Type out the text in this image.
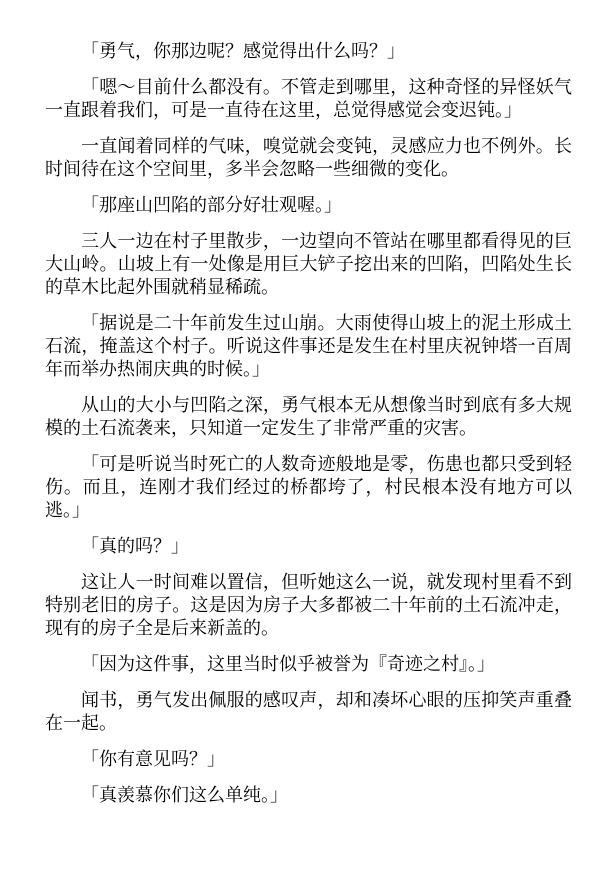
「勇气，你那边呢？感觉得出什么吗？」

「嗯～目前什么都没有。不管走到哪里，这种奇怪的异怪妖气一直跟着我们，可是一直待在这里，总觉得感觉会变迟钝。」

一直闻着同样的气味，嗅觉就会变钝，灵感应力也不例外。长时间待在这个空间里，多半会忽略一些细微的变化。

「那座山凹陷的部分好壮观喔。」

三人一边在村子里散步，一边望向不管站在哪里都看得见的巨大山岭。山坡上有一处像是用巨大铲子挖出来的凹陷，凹陷处生长的草木比起外围就稍显稀疏。

「据说是二十年前发生过山崩。大雨使得山坡上的泥土形成土石流，掩盖这个村子。听说这件事还是发生在村里庆祝钟塔一百周年而举办热闹庆典的时候。」

从山的大小与凹陷之深，勇气根本无从想像当时到底有多大规模的土石流袭来，只知道一定发生了非常严重的灾害。

「可是听说当时死亡的人数奇迹般地是零，伤患也都只受到轻伤。而且，连刚才我们经过的桥都垮了，村民根本没有地方可以逃。」

「真的吗？」

这让人一时间难以置信，但听她这么一说，就发现村里看不到特别老旧的房子。这是因为房子大多都被二十年前的土石流冲走，现有的房子全是后来新盖的。

「因为这件事，这里当时似乎被誉为『奇迹之村』。」

闻书，勇气发出佩服的感叹声，却和凑坏心眼的压抑笑声重叠在一起。

「你有意见吗？」

「真羡慕你们这么单纯。」
